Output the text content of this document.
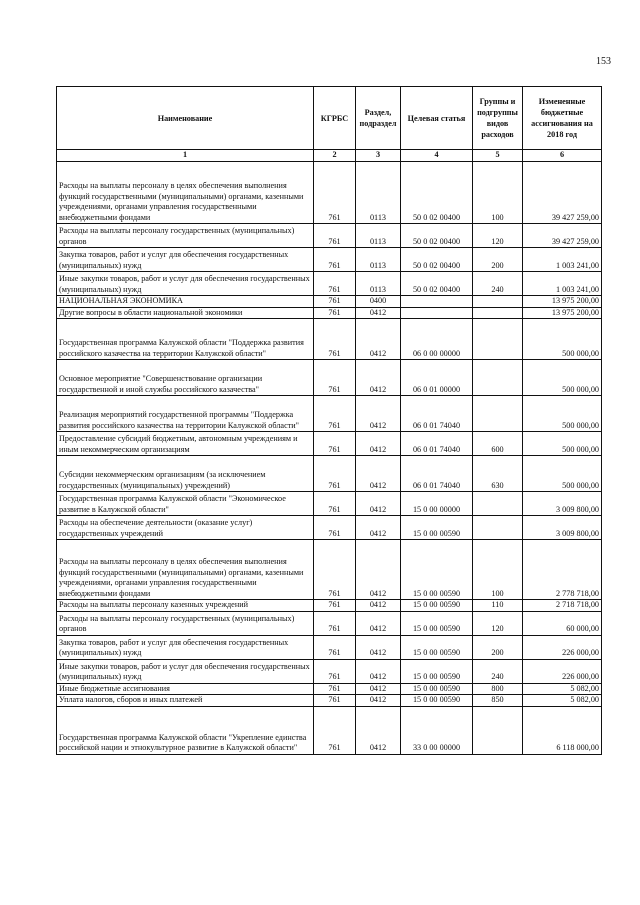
153
Наименование	КГРБС	Раздел, подраздел	Целевая статья	Группы и подгруппы видов расходов	Измененные бюджетные ассигнования на 2018 год
1	2	3	4	5	6
Расходы на выплаты персоналу в целях обеспечения выполнения функций государственными (муниципальными) органами, казенными учреждениями, органами управления государственными внебюджетными фондами	761	0113	50 0 02 00400	100	39 427 259,00
Расходы на выплаты персоналу государственных (муниципальных) органов	761	0113	50 0 02 00400	120	39 427 259,00
Закупка товаров, работ и услуг для обеспечения государственных (муниципальных) нужд	761	0113	50 0 02 00400	200	1 003 241,00
Иные закупки товаров, работ и услуг для обеспечения государственных (муниципальных) нужд	761	0113	50 0 02 00400	240	1 003 241,00
НАЦИОНАЛЬНАЯ ЭКОНОМИКА	761	0400			13 975 200,00
Другие вопросы в области национальной экономики	761	0412			13 975 200,00
Государственная программа Калужской области "Поддержка развития российского казачества на территории Калужской области"	761	0412	06 0 00 00000		500 000,00
Основное мероприятие "Совершенствование организации государственной и иной службы российского казачества"	761	0412	06 0 01 00000		500 000,00
Реализация мероприятий государственной программы "Поддержка развития российского казачества на территории Калужской области"	761	0412	06 0 01 74040		500 000,00
Предоставление субсидий бюджетным, автономным учреждениям и иным некоммерческим организациям	761	0412	06 0 01 74040	600	500 000,00
Субсидии некоммерческим организациям (за исключением государственных (муниципальных) учреждений)	761	0412	06 0 01 74040	630	500 000,00
Государственная программа Калужской области "Экономическое развитие в Калужской области"	761	0412	15 0 00 00000		3 009 800,00
Расходы на обеспечение деятельности (оказание услуг) государственных учреждений	761	0412	15 0 00 00590		3 009 800,00
Расходы на выплаты персоналу в целях обеспечения выполнения функций государственными (муниципальными) органами, казенными учреждениями, органами управления государственными внебюджетными фондами	761	0412	15 0 00 00590	100	2 778 718,00
Расходы на выплаты персоналу казенных учреждений	761	0412	15 0 00 00590	110	2 718 718,00
Расходы на выплаты персоналу государственных (муниципальных) органов	761	0412	15 0 00 00590	120	60 000,00
Закупка товаров, работ и услуг для обеспечения государственных (муниципальных) нужд	761	0412	15 0 00 00590	200	226 000,00
Иные закупки товаров, работ и услуг для обеспечения государственных (муниципальных) нужд	761	0412	15 0 00 00590	240	226 000,00
Иные бюджетные ассигнования	761	0412	15 0 00 00590	800	5 082,00
Уплата налогов, сборов и иных платежей	761	0412	15 0 00 00590	850	5 082,00
Государственная программа Калужской области "Укрепление единства российской нации и этнокультурное развитие в Калужской области"	761	0412	33 0 00 00000		6 118 000,00
